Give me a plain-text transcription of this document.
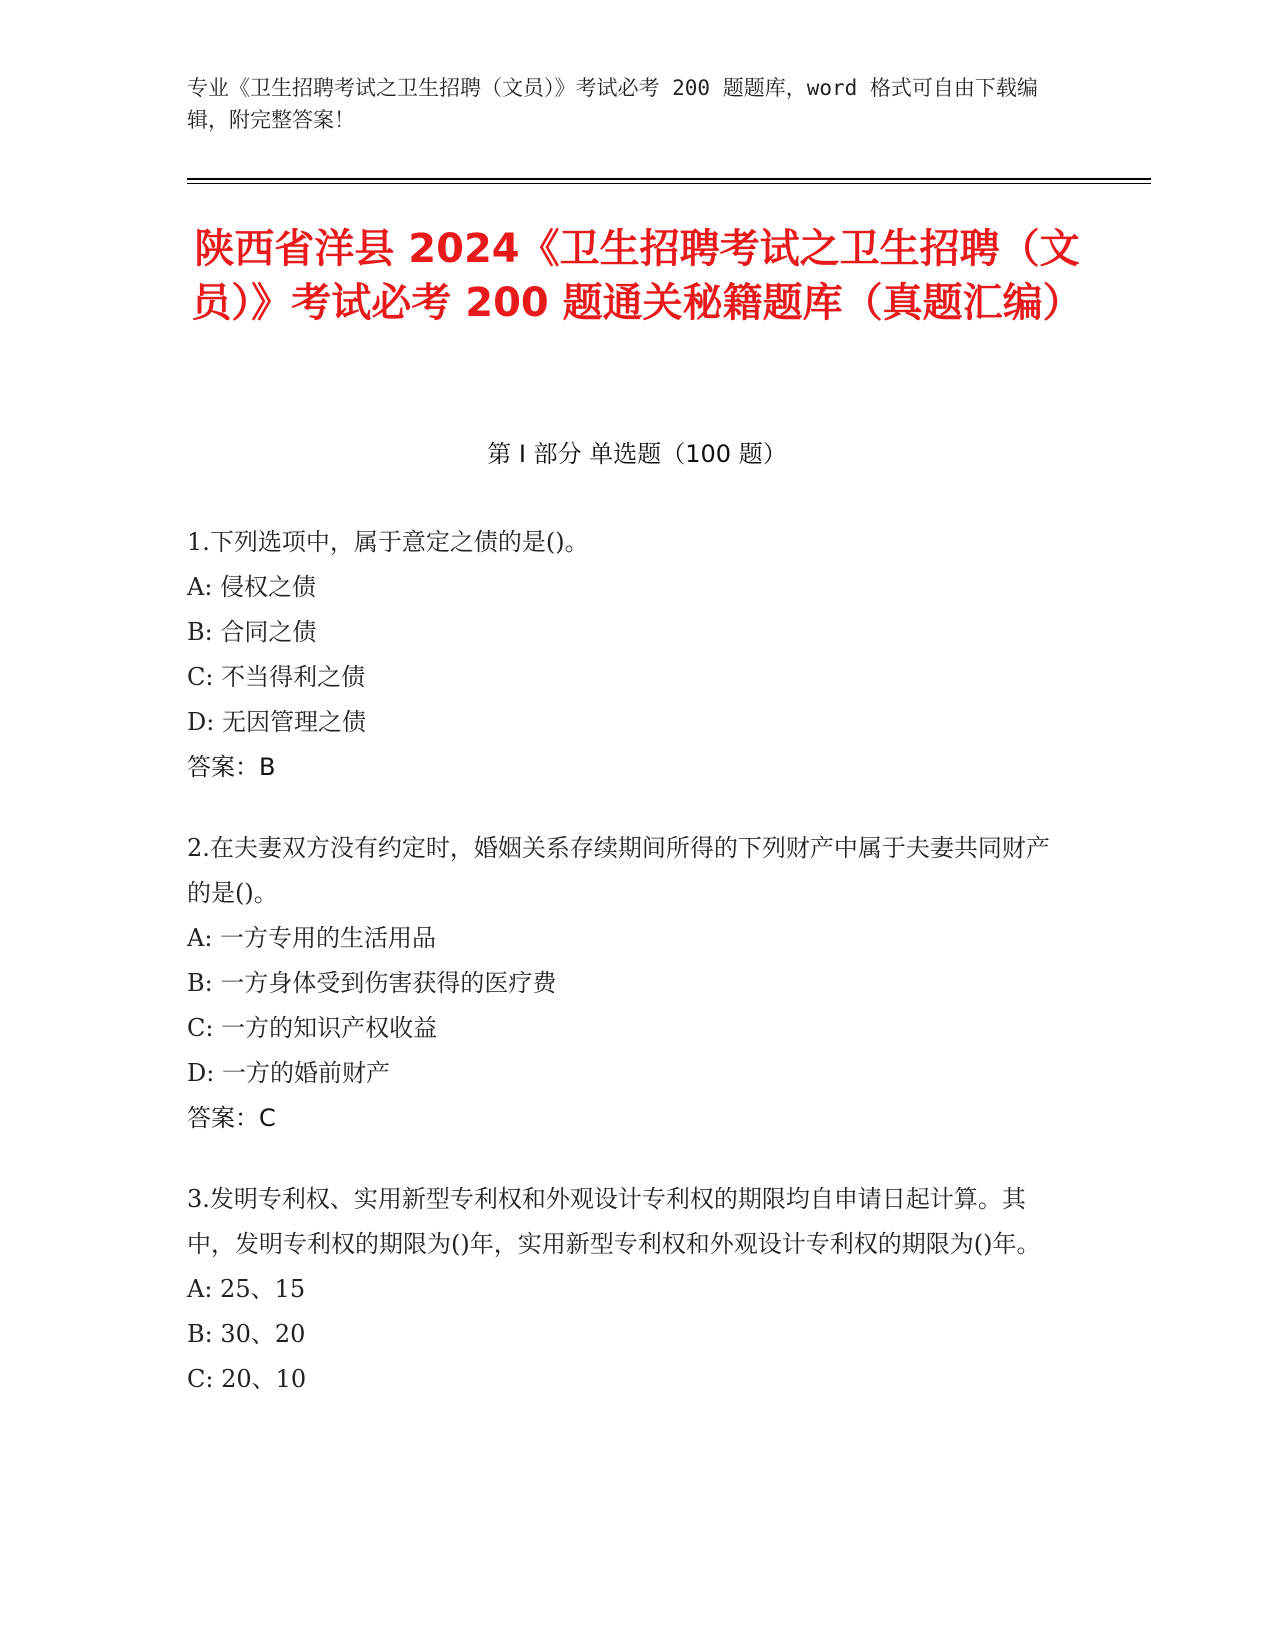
专业《卫生招聘考试之卫生招聘（文员）》考试必考 200 题题库，word 格式可自由下载编辑，附完整答案！
陕西省洋县 2024《卫生招聘考试之卫生招聘（文员）》考试必考 200 题通关秘籍题库（真题汇编）
第 I 部分 单选题（100 题）
1.下列选项中，属于意定之债的是()。
A: 侵权之债
B: 合同之债
C: 不当得利之债
D: 无因管理之债
答案：B
2.在夫妻双方没有约定时，婚姻关系存续期间所得的下列财产中属于夫妻共同财产的是()。
A: 一方专用的生活用品
B: 一方身体受到伤害获得的医疗费
C: 一方的知识产权收益
D: 一方的婚前财产
答案：C
3.发明专利权、实用新型专利权和外观设计专利权的期限均自申请日起计算。其中，发明专利权的期限为()年，实用新型专利权和外观设计专利权的期限为()年。
A: 25、15
B: 30、20
C: 20、10
